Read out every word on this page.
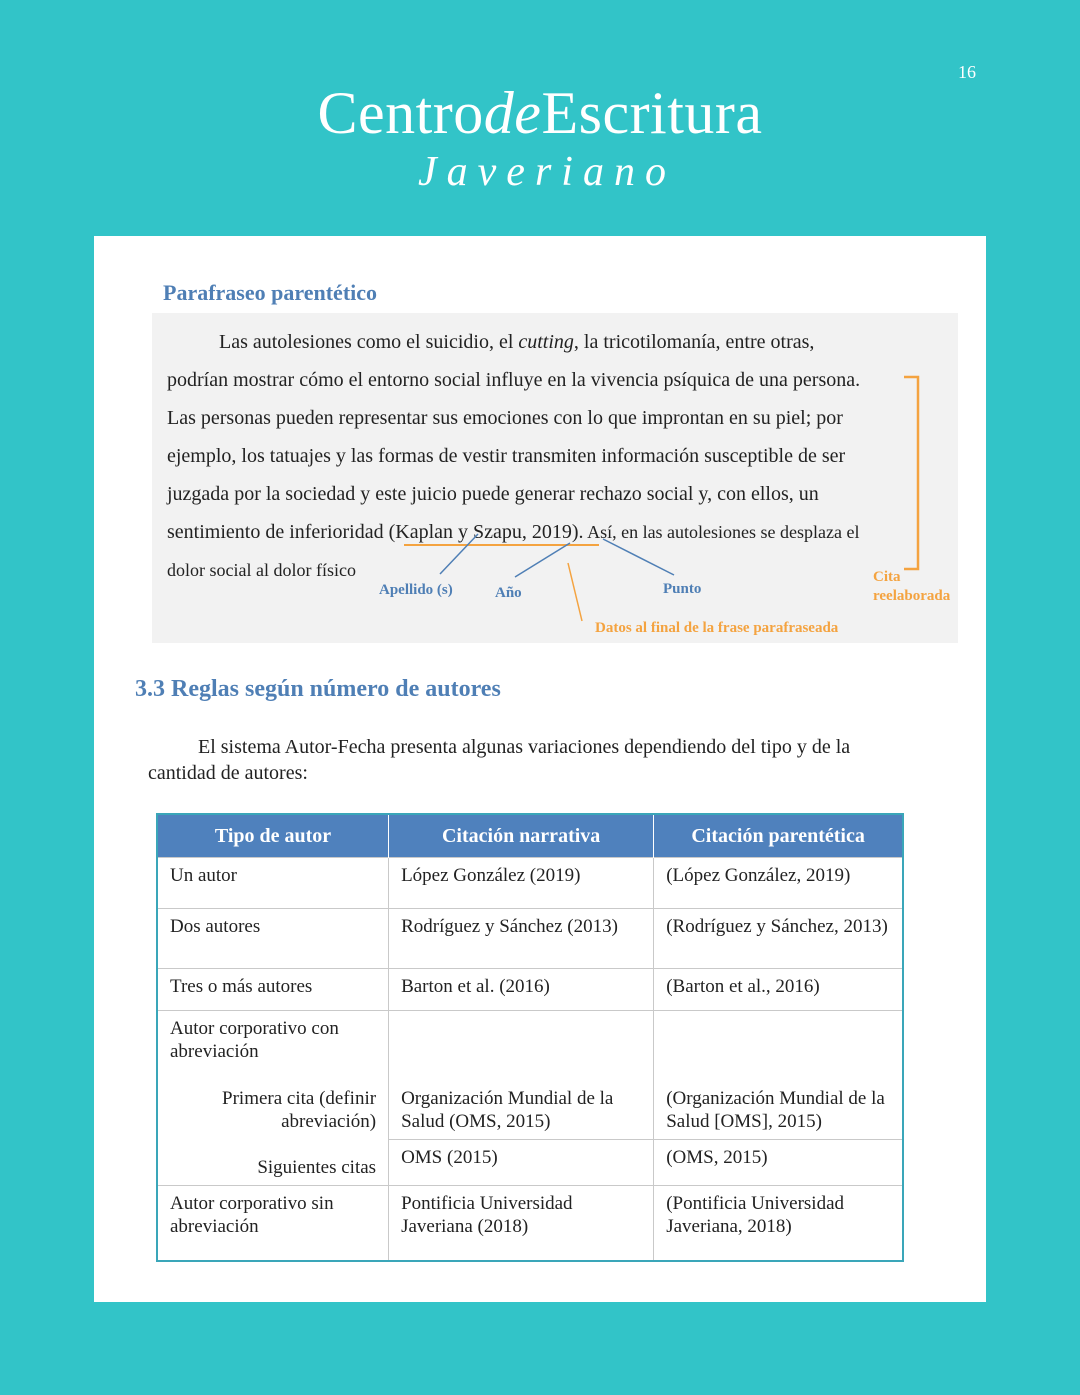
16
CentrodeEscritura
Javeriano
Parafraseo parentético

Las autolesiones como el suicidio, el cutting, la tricotilomanía, entre otras,

podrían mostrar cómo el entorno social influye en la vivencia psíquica de una persona.

Las personas pueden representar sus emociones con lo que improntan en su piel; por

ejemplo, los tatuajes y las formas de vestir transmiten información susceptible de ser

juzgada por la sociedad y este juicio puede generar rechazo social y, con ellos, un

sentimiento de inferioridad (Kaplan y Szapu, 2019). Así, en las autolesiones se desplaza el

dolor social al dolor físico

Apellido (s)	Año	Punto
Cita
reelaborada
Datos al final de la frase parafraseada
3.3 Reglas según número de autores

El sistema Autor-Fecha presenta algunas variaciones dependiendo del tipo y de la
cantidad de autores:

Tipo de autor	Citación narrativa	Citación parentética
Un autor	López González (2019)	(López González, 2019)
Dos autores	Rodríguez y Sánchez (2013)	(Rodríguez y Sánchez, 2013)
Tres o más autores	Barton et al. (2016)	(Barton et al., 2016)
Autor corporativo con abreviación		
Primera cita (definir abreviación)	Organización Mundial de la Salud (OMS, 2015)	(Organización Mundial de la Salud [OMS], 2015)
Siguientes citas	OMS (2015)	(OMS, 2015)
Autor corporativo sin abreviación	Pontificia Universidad Javeriana (2018)	(Pontificia Universidad Javeriana, 2018)
